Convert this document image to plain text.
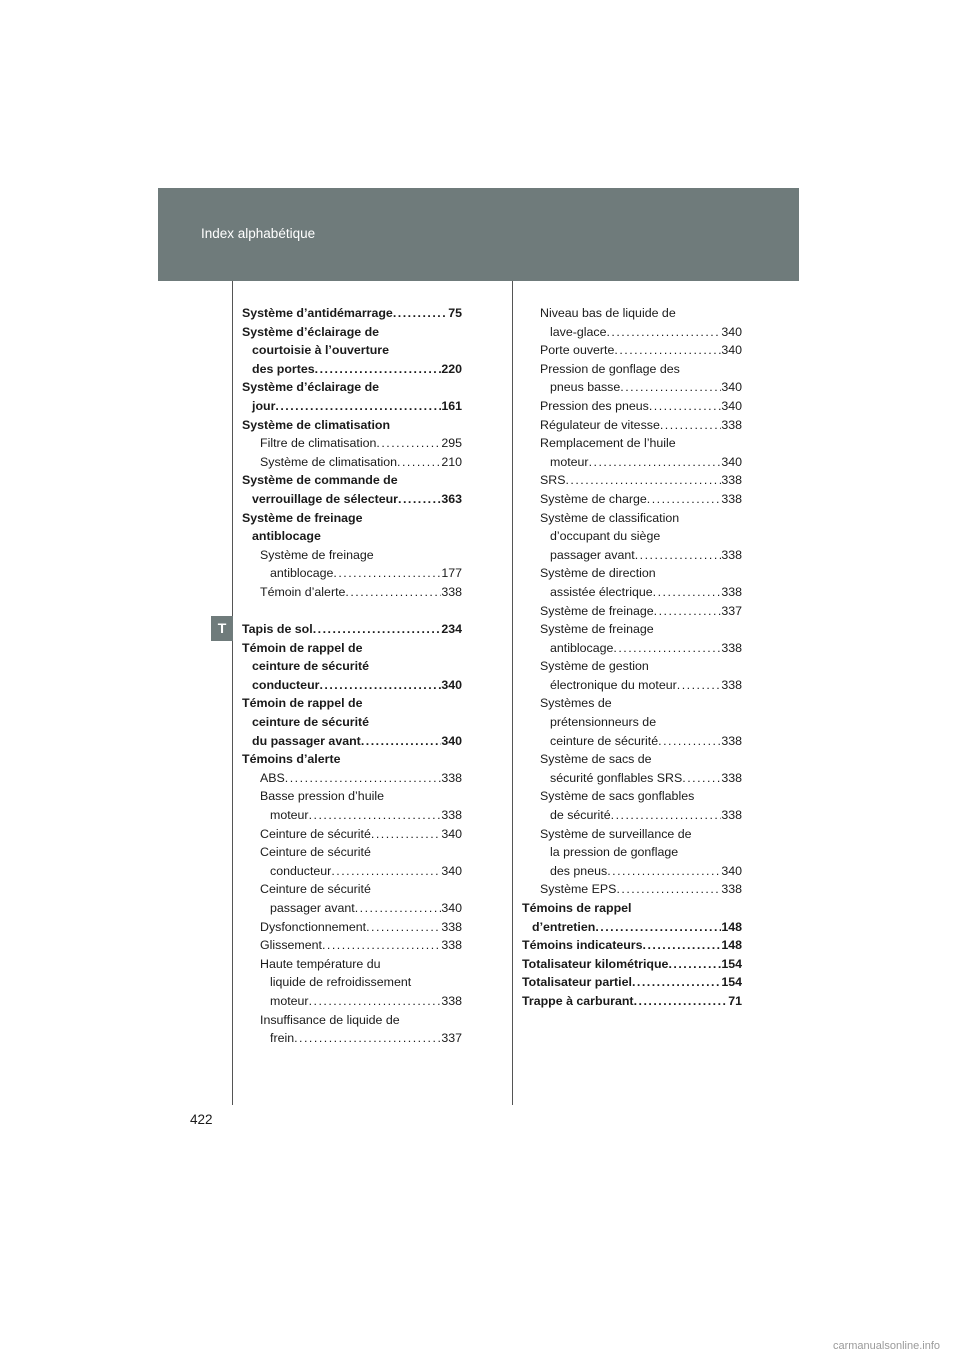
Index alphabétique
T
Système d’antidémarrage .....	75
Système d’éclairage de
courtoisie à l’ouverture
des portes .....	220
Système d’éclairage de
jour .....	161
Système de climatisation
Filtre de climatisation .....	295
Système de climatisation .....	210
Système de commande de
verrouillage de sélecteur .....	363
Système de freinage
antiblocage
Système de freinage
antiblocage .....	177
Témoin d’alerte .....	338
Tapis de sol .....	234
Témoin de rappel de
ceinture de sécurité
conducteur .....	340
Témoin de rappel de
ceinture de sécurité
du passager avant .....	340
Témoins d’alerte
ABS .....	338
Basse pression d’huile
moteur .....	338
Ceinture de sécurité .....	340
Ceinture de sécurité
conducteur .....	340
Ceinture de sécurité
passager avant .....	340
Dysfonctionnement .....	338
Glissement .....	338
Haute température du
liquide de refroidissement
moteur .....	338
Insuffisance de liquide de
frein .....	337
Niveau bas de liquide de
lave-glace .....	340
Porte ouverte .....	340
Pression de gonflage des
pneus basse .....	340
Pression des pneus .....	340
Régulateur de vitesse .....	338
Remplacement de l’huile
moteur .....	340
SRS .....	338
Système de charge .....	338
Système de classification
d’occupant du siège
passager avant .....	338
Système de direction
assistée électrique .....	338
Système de freinage .....	337
Système de freinage
antiblocage .....	338
Système de gestion
électronique du moteur .....	338
Systèmes de
prétensionneurs de
ceinture de sécurité .....	338
Système de sacs de
sécurité gonflables SRS .....	338
Système de sacs gonflables
de sécurité .....	338
Système de surveillance de
la pression de gonflage
des pneus .....	340
Système EPS .....	338
Témoins de rappel
d’entretien .....	148
Témoins indicateurs .....	148
Totalisateur kilométrique .....	154
Totalisateur partiel .....	154
Trappe à carburant .....	71
422
carmanualsonline.info
